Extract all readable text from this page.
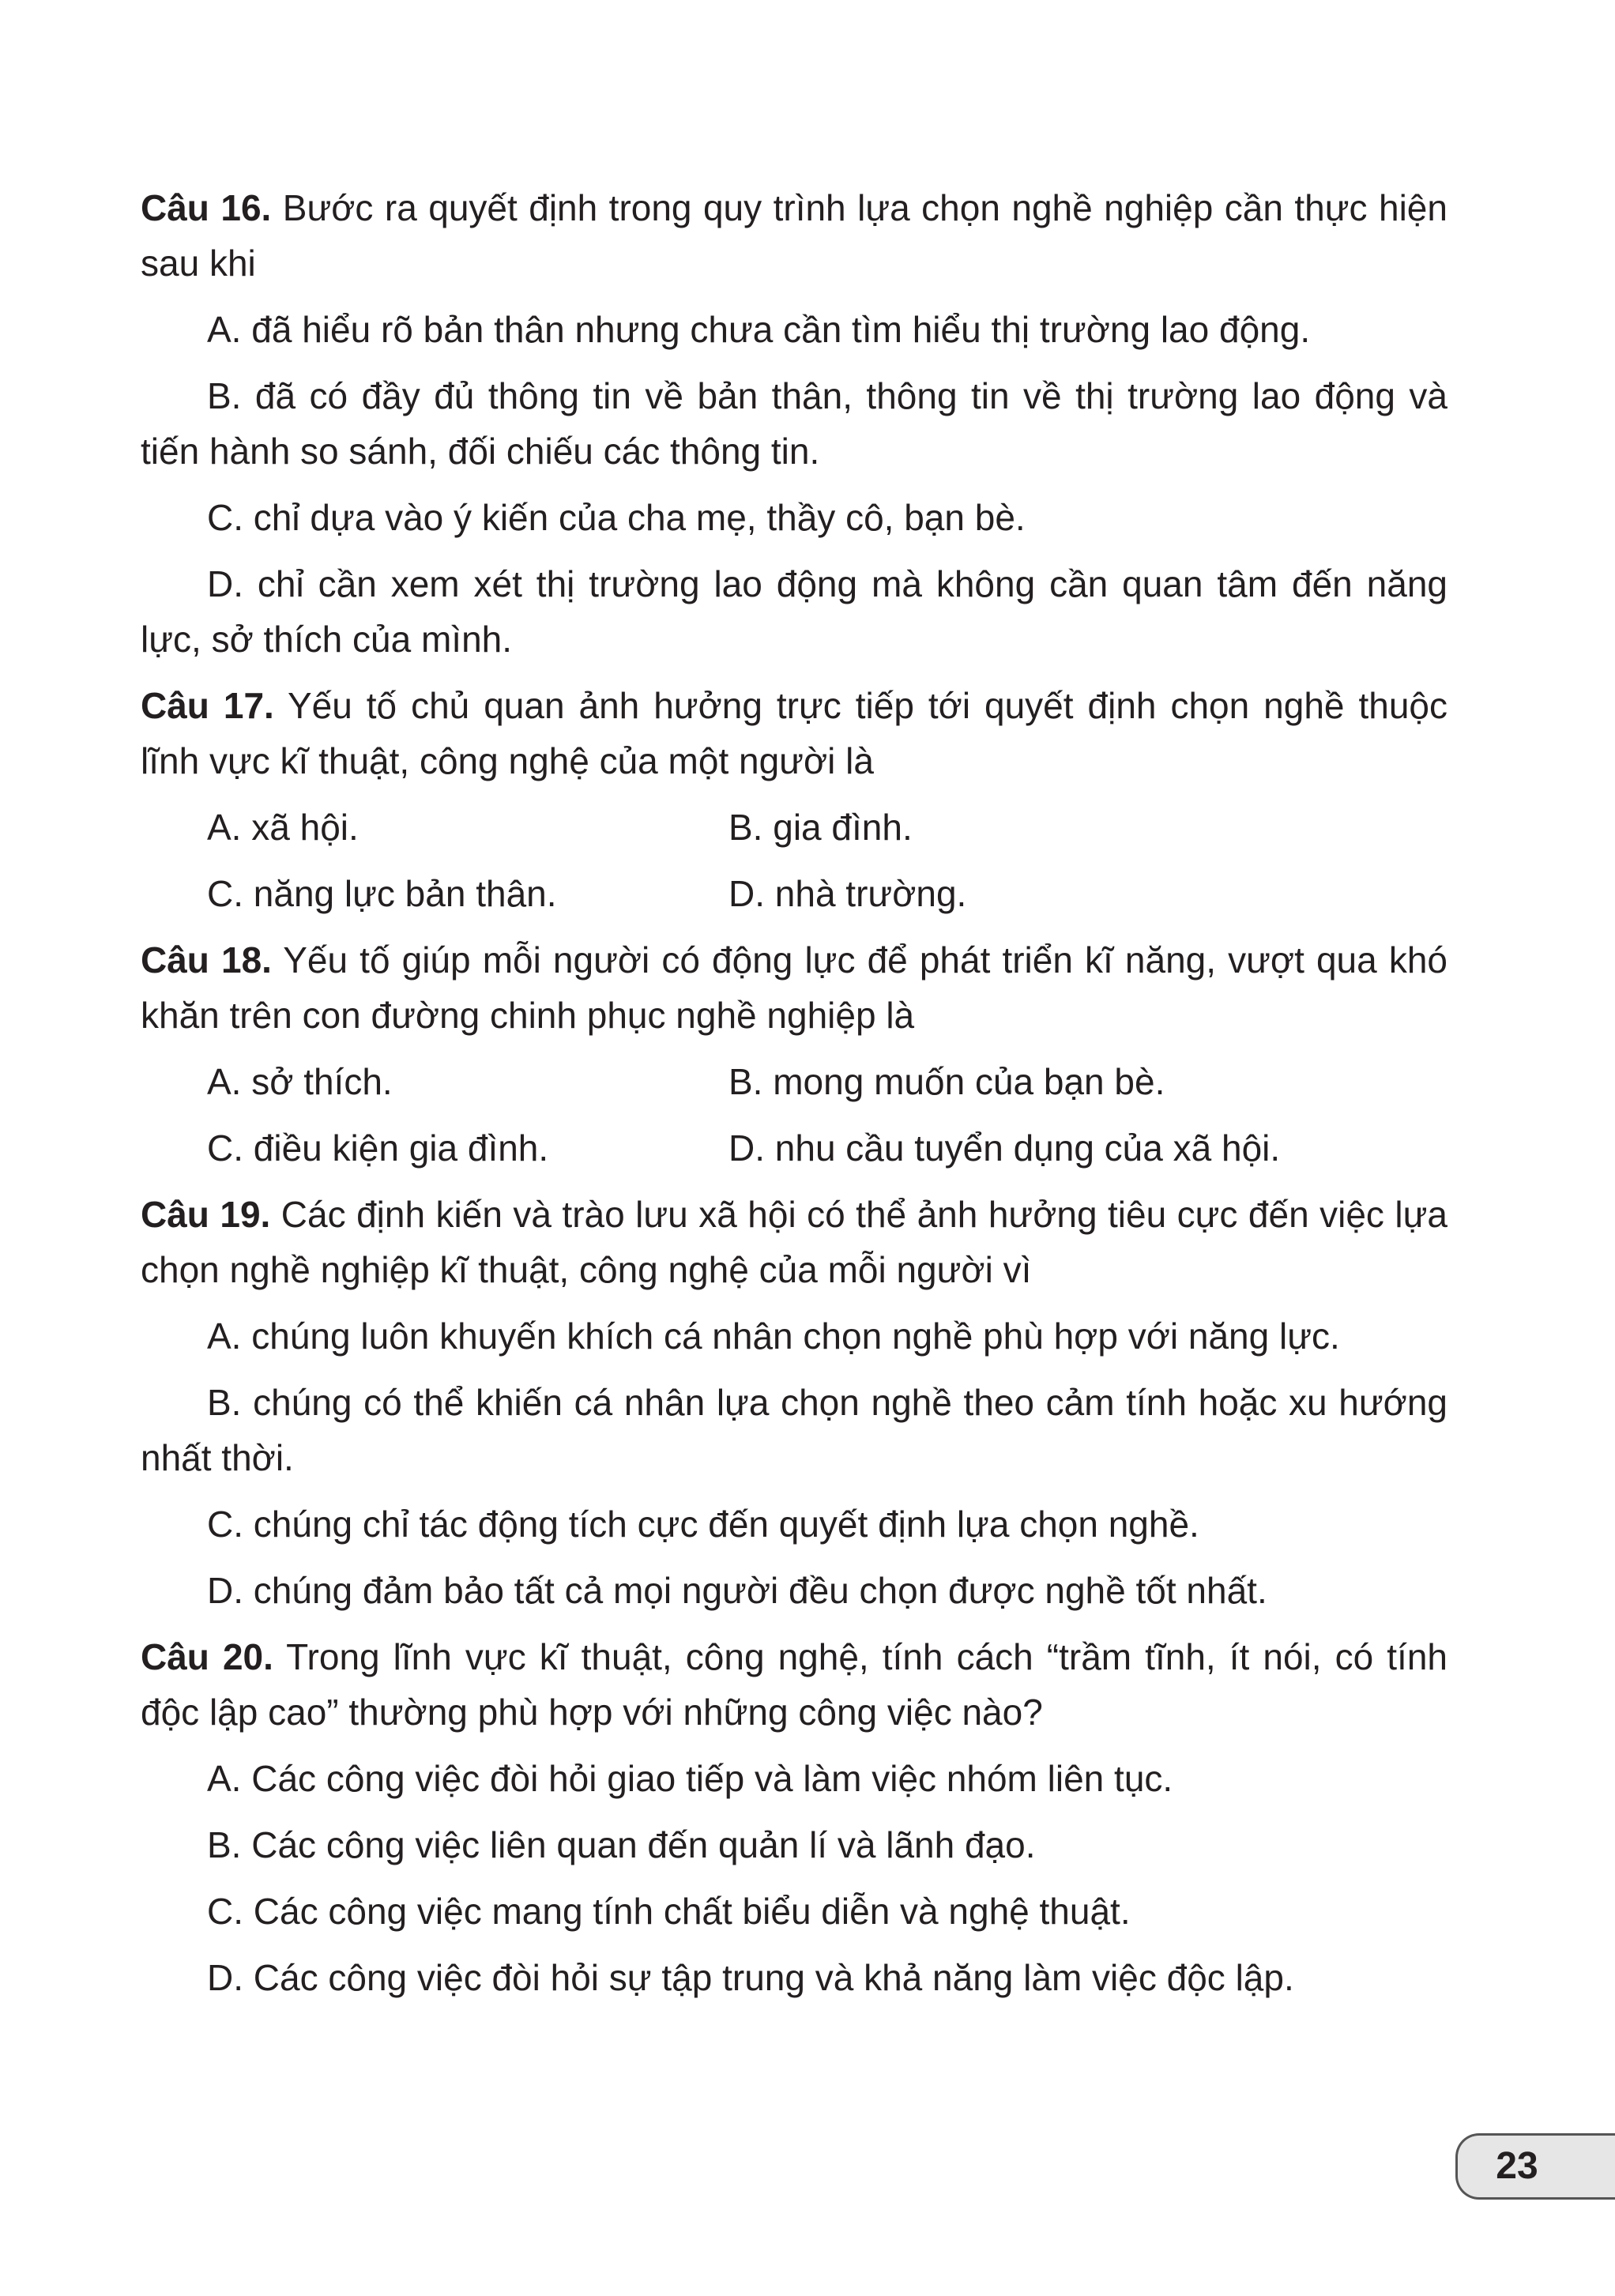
Câu 16. Bước ra quyết định trong quy trình lựa chọn nghề nghiệp cần thực hiện sau khi

A. đã hiểu rõ bản thân nhưng chưa cần tìm hiểu thị trường lao động.

B. đã có đầy đủ thông tin về bản thân, thông tin về thị trường lao động và tiến hành so sánh, đối chiếu các thông tin.

C. chỉ dựa vào ý kiến của cha mẹ, thầy cô, bạn bè.

D. chỉ cần xem xét thị trường lao động mà không cần quan tâm đến năng lực, sở thích của mình.

Câu 17. Yếu tố chủ quan ảnh hưởng trực tiếp tới quyết định chọn nghề thuộc lĩnh vực kĩ thuật, công nghệ của một người là

A. xã hội.	B. gia đình.
C. năng lực bản thân.	D. nhà trường.

Câu 18. Yếu tố giúp mỗi người có động lực để phát triển kĩ năng, vượt qua khó khăn trên con đường chinh phục nghề nghiệp là

A. sở thích.	B. mong muốn của bạn bè.
C. điều kiện gia đình.	D. nhu cầu tuyển dụng của xã hội.

Câu 19. Các định kiến và trào lưu xã hội có thể ảnh hưởng tiêu cực đến việc lựa chọn nghề nghiệp kĩ thuật, công nghệ của mỗi người vì

A. chúng luôn khuyến khích cá nhân chọn nghề phù hợp với năng lực.

B. chúng có thể khiến cá nhân lựa chọn nghề theo cảm tính hoặc xu hướng nhất thời.

C. chúng chỉ tác động tích cực đến quyết định lựa chọn nghề.

D. chúng đảm bảo tất cả mọi người đều chọn được nghề tốt nhất.

Câu 20. Trong lĩnh vực kĩ thuật, công nghệ, tính cách “trầm tĩnh, ít nói, có tính độc lập cao” thường phù hợp với những công việc nào?

A. Các công việc đòi hỏi giao tiếp và làm việc nhóm liên tục.

B. Các công việc liên quan đến quản lí và lãnh đạo.

C. Các công việc mang tính chất biểu diễn và nghệ thuật.

D. Các công việc đòi hỏi sự tập trung và khả năng làm việc độc lập.

23
